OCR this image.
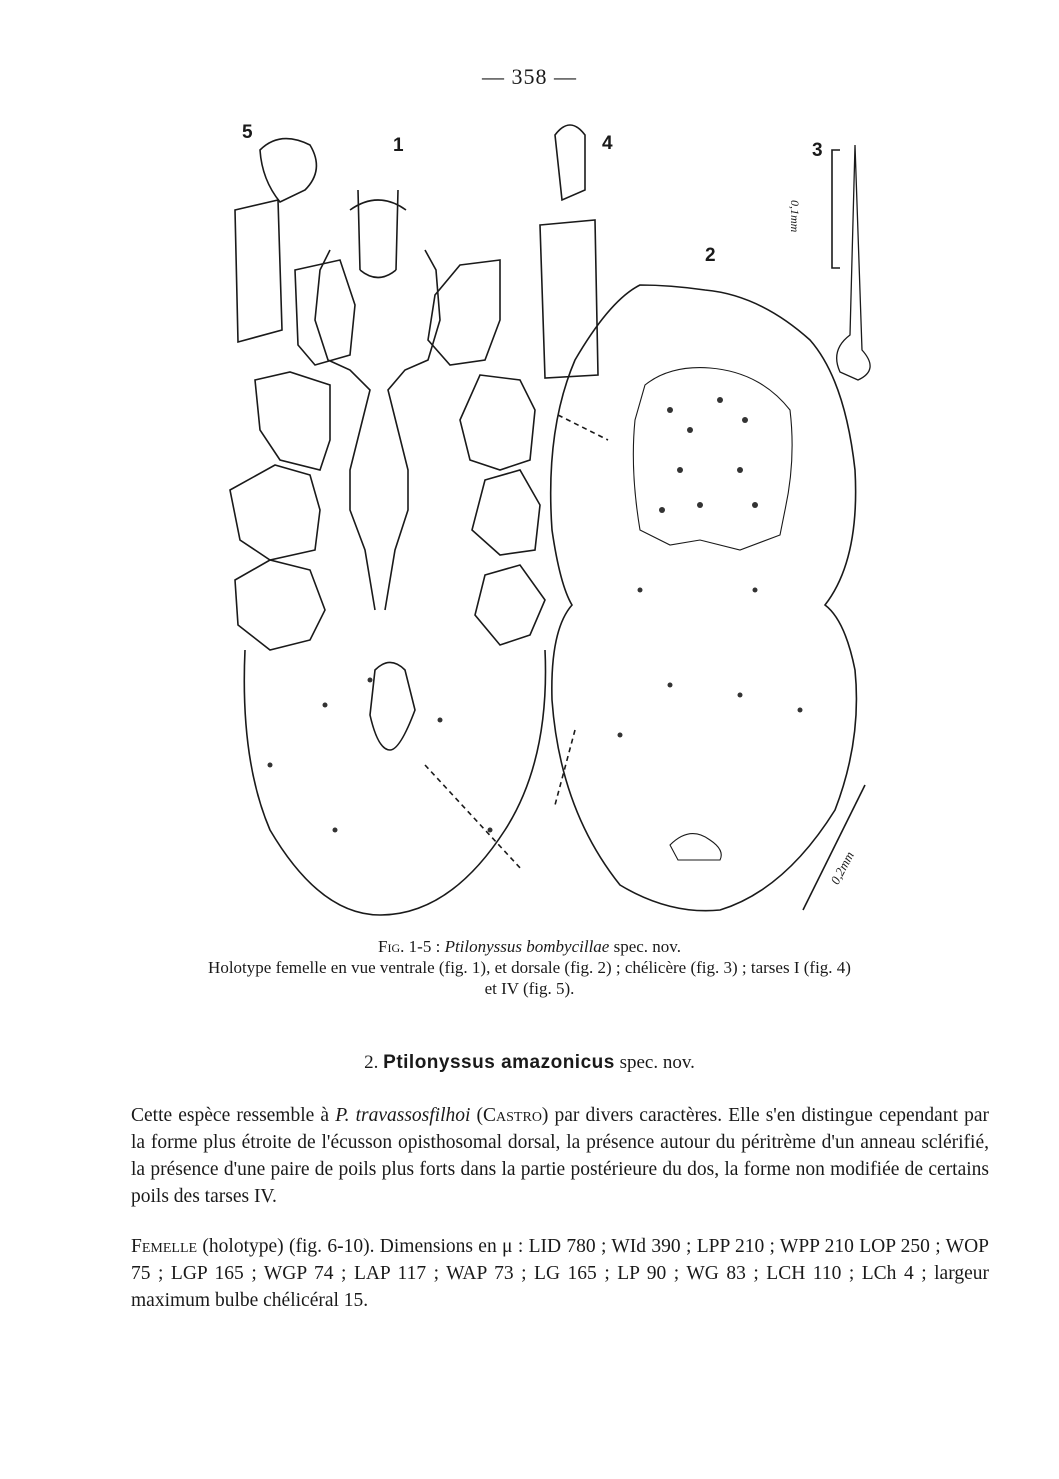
— 358 —
5
1	4	3
2
0,1mm
0,2mm
Fig. 1-5 : Ptilonyssus bombycillae spec. nov.
Holotype femelle en vue ventrale (fig. 1), et dorsale (fig. 2) ; chélicère (fig. 3) ; tarses I (fig. 4)
et IV (fig. 5).
2. Ptilonyssus amazonicus spec. nov.
Cette espèce ressemble à P. travassosfilhoi (Castro) par divers caractères. Elle s'en distingue cependant par la forme plus étroite de l'écusson opisthosomal dorsal, la présence autour du péritrème d'un anneau sclérifié, la présence d'une paire de poils plus forts dans la partie postérieure du dos, la forme non modifiée de certains poils des tarses IV.
Femelle (holotype) (fig. 6-10). Dimensions en μ : LID 780 ; WId 390 ; LPP 210 ; WPP 210 LOP 250 ; WOP 75 ; LGP 165 ; WGP 74 ; LAP 117 ; WAP 73 ; LG 165 ; LP 90 ; WG 83 ; LCH 110 ; LCh 4 ; largeur maximum bulbe chélicéral 15.
